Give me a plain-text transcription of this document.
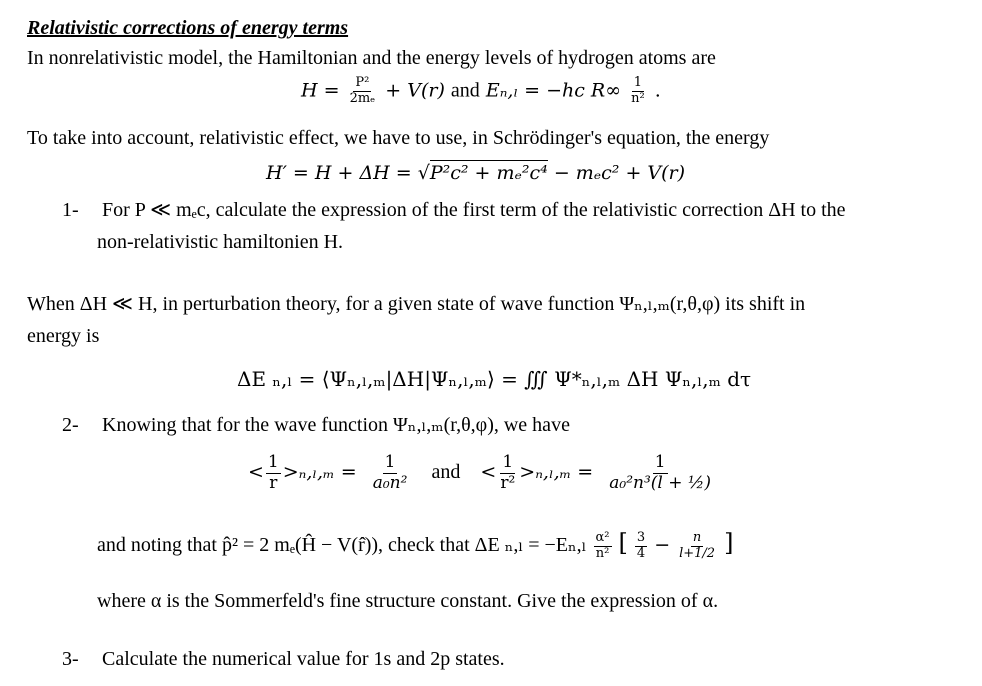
Relativistic corrections of energy terms
In nonrelativistic model, the Hamiltonian and the energy levels of hydrogen atoms are
$H = \frac{\text{P²}}{\text{2mₑ}} + V(r)$ and Eₙ,ₗ = −hc $R\infty \frac{1}{\text{n²}}$ .
To take into account, relativistic effect, we have to use, in Schrödinger's equation, the energy
H′ = H + ΔH = √P²c² + mₑ²c⁴ − mₑc² + V(r)
1- For P ≪ mₑc, calculate the expression of the first term of the relativistic correction ΔH to the
non-relativistic hamiltonien H.
When ΔH ≪ H, in perturbation theory, for a given state of wave function Ψₙ,ₗ,ₘ(r,θ,φ) its shift in
energy is
ΔE ₙ,ₗ = ⟨Ψₙ,ₗ,ₘ|ΔH|Ψₙ,ₗ,ₘ⟩ = ∭ Ψ*ₙ,ₗ,ₘ ΔH Ψₙ,ₗ,ₘ dτ
2- Knowing that for the wave function Ψₙ,ₗ,ₘ(r,θ,φ), we have
< $\frac{1}{r} >_n,_l,_m = \frac{1}{\text{a₀n²}}$ and < $\frac{1}{\text{r²}} >_n,_l,_m = \frac{1}{\text{a₀²n³(l + ½)}}$
and noting that p̂² = 2 mₑ(Ĥ − V(r̂)), check that ΔE $_n,_l = -E_n,_l \frac{\text{α²}}{\text{n²}}$ [ $\frac{3}{4} - \frac{n}{l+1/2}$ ]
where α is the Sommerfeld's fine structure constant. Give the expression of α.
3- Calculate the numerical value for 1s and 2p states.
